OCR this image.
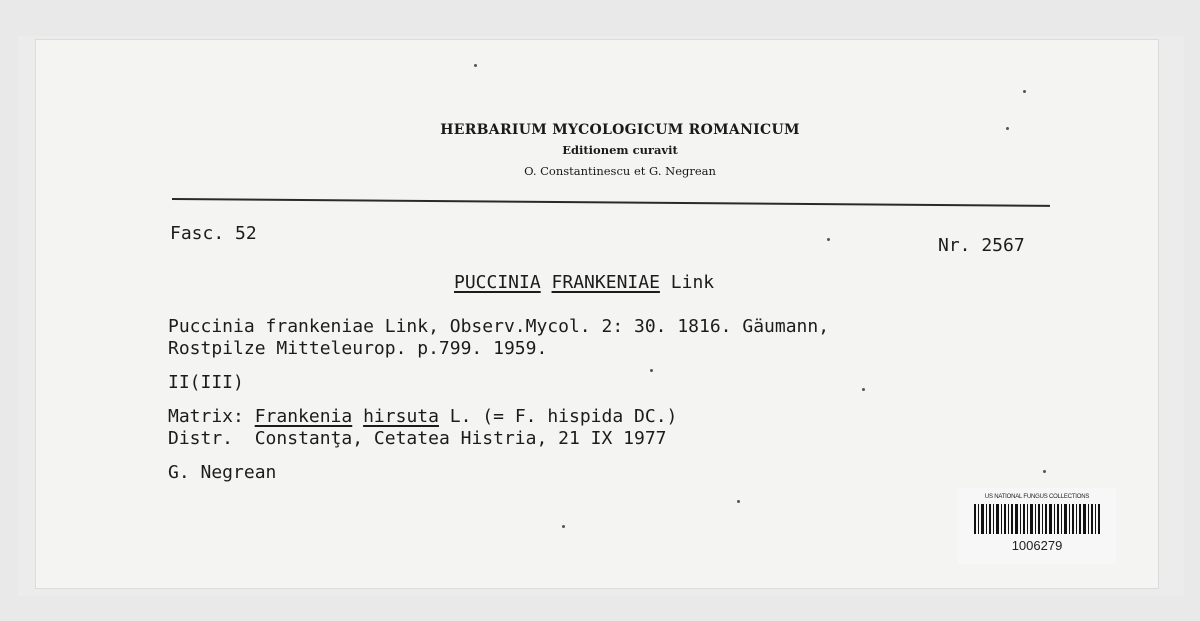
HERBARIUM MYCOLOGICUM ROMANICUM
Editionem curavit
O. Constantinescu et G. Negrean
Fasc. 52
Nr. 2567
PUCCINIA FRANKENIAE Link
Puccinia frankeniae Link, Observ.Mycol. 2: 30. 1816. Gäumann,
Rostpilze Mitteleurop. p.799. 1959.
II(III)
Matrix: Frankenia hirsuta L. (= F. hispida DC.)
Distr. Constanţa, Cetatea Histria, 21 IX 1977
G. Negrean
US NATIONAL FUNGUS COLLECTIONS
1006279
